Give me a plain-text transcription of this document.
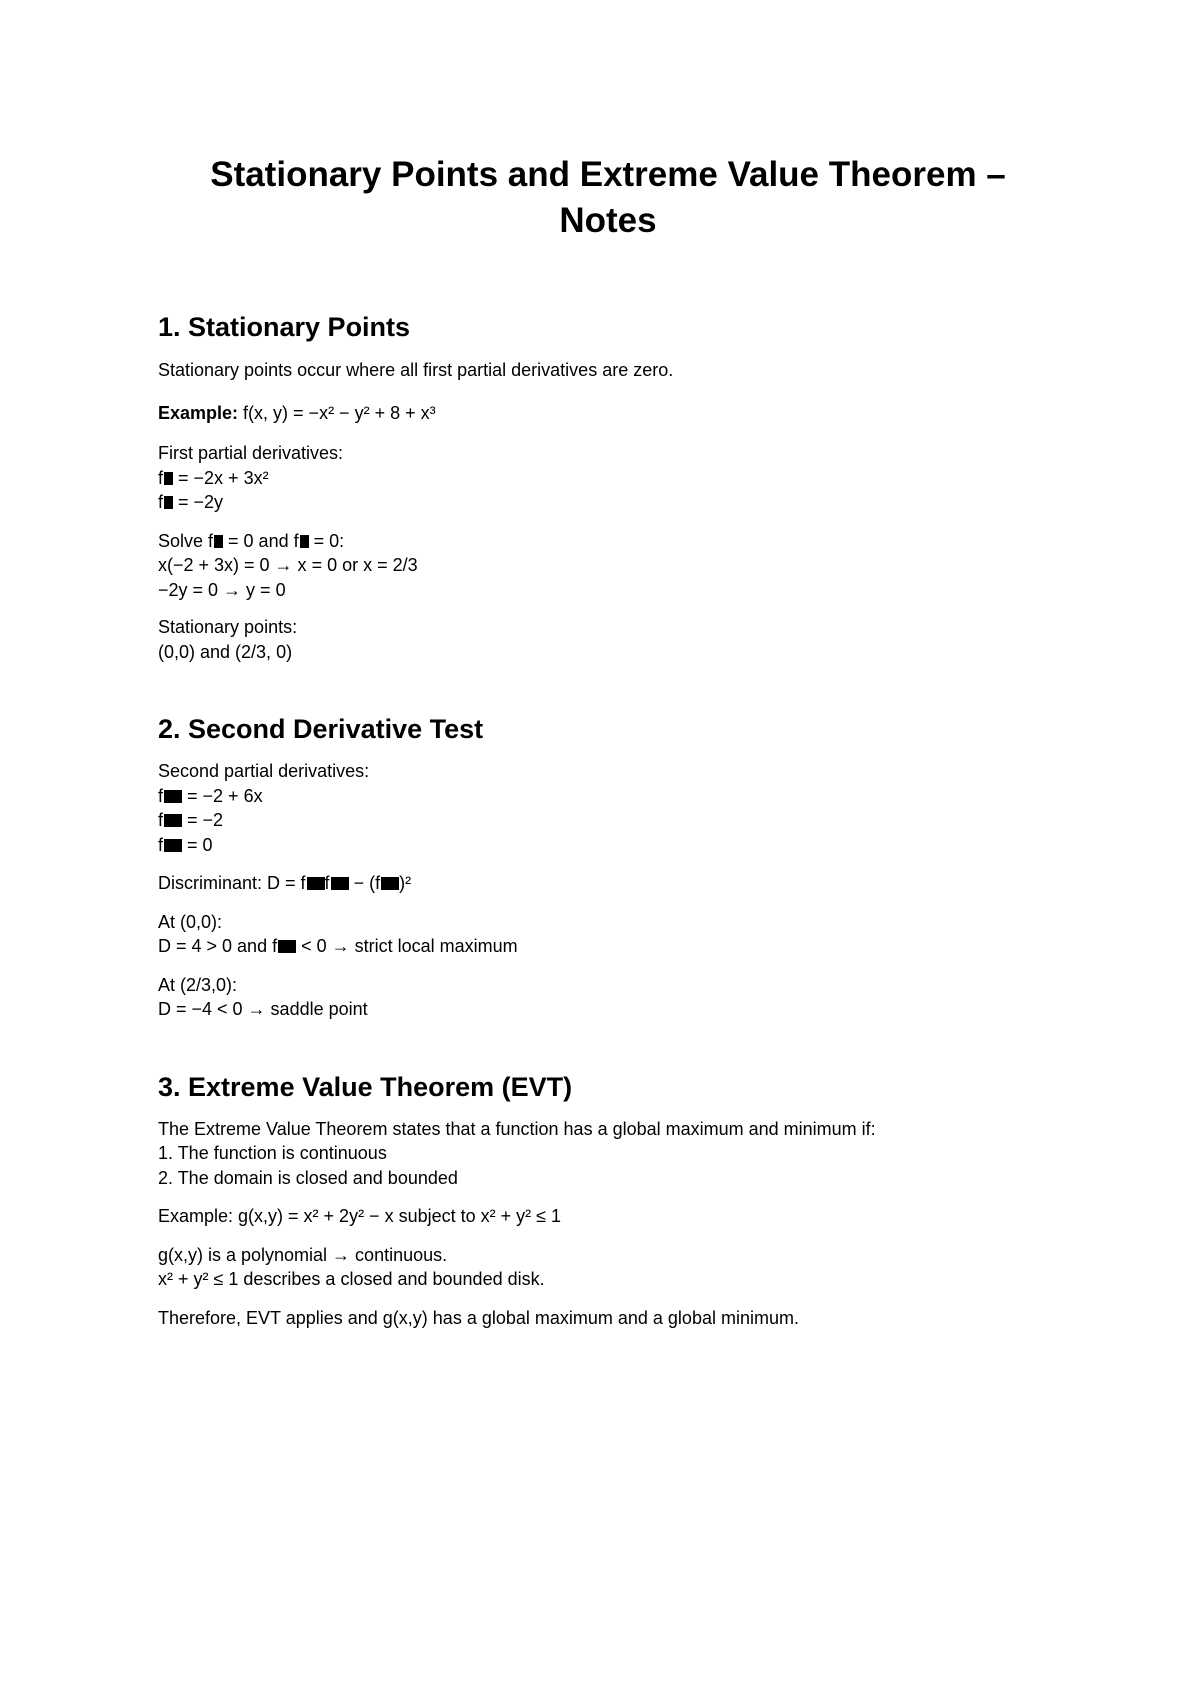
Stationary Points and Extreme Value Theorem –
Notes
1. Stationary Points

Stationary points occur where all first partial derivatives are zero.

Example: f(x, y) = −x² − y² + 8 + x³

First partial derivatives:
f = −2x + 3x²
f = −2y

Solve f = 0 and f = 0:
x(−2 + 3x) = 0 → x = 0 or x = 2/3
−2y = 0 → y = 0

Stationary points:
(0,0) and (2/3, 0)

2. Second Derivative Test

Second partial derivatives:
f = −2 + 6x
f = −2
f = 0

Discriminant: D = f f − (f )²

At (0,0):
D = 4 > 0 and f < 0 → strict local maximum

At (2/3,0):
D = −4 < 0 → saddle point

3. Extreme Value Theorem (EVT)

The Extreme Value Theorem states that a function has a global maximum and minimum if:
1. The function is continuous
2. The domain is closed and bounded

Example: g(x,y) = x² + 2y² − x subject to x² + y² ≤ 1

g(x,y) is a polynomial → continuous.
x² + y² ≤ 1 describes a closed and bounded disk.

Therefore, EVT applies and g(x,y) has a global maximum and a global minimum.
